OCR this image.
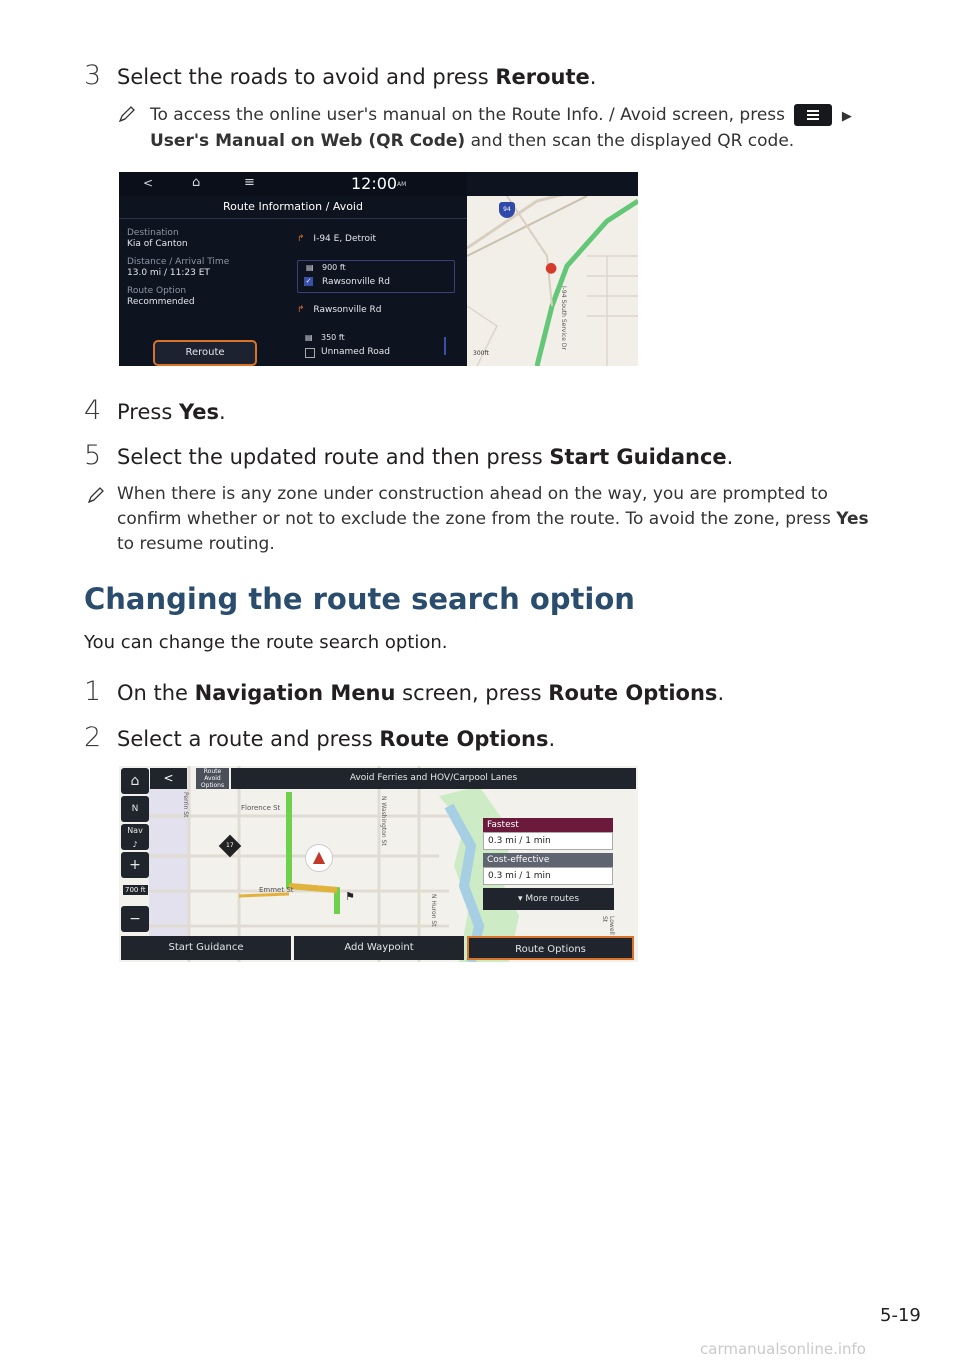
3 Select the roads to avoid and press Reroute.
To access the online user's manual on the Route Info. / Avoid screen, press	▶
User's Manual on Web (QR Code) and then scan the displayed QR code.
<	⌂	≡	12:00 AM
Route Information / Avoid
Destination
Kia of Canton
Distance / Arrival Time
13.0 mi / 11:23 ET
Route Option
Recommended
↱ I-94 E, Detroit
▤ 900 ft
✓ Rawsonville Rd
↱ Rawsonville Rd
▤ 350 ft
Unnamed Road
Reroute
94
●
I-94 South Service Dr
300ft
4 Press Yes.
5 Select the updated route and then press Start Guidance.
When there is any zone under construction ahead on the way, you are prompted to
confirm whether or not to exclude the zone from the route. To avoid the zone, press Yes
to resume routing.
Changing the route search option
You can change the route search option.
1 On the Navigation Menu screen, press Route Options.
2 Select a route and press Route Options.
⌂
N
Nav
♪
+
700 ft
−
<	Route Avoid Options
Avoid Ferries and HOV/Carpool Lanes
Perrin St	Florence St	N Washington St
Emmet St
N Huron St	Lowell St
17
▲
⚑
Fastest
0.3 mi / 1 min
Cost-effective
0.3 mi / 1 min
▾ More routes
Start Guidance	Add Waypoint	Route Options
5-19
carmanualsonline.info
